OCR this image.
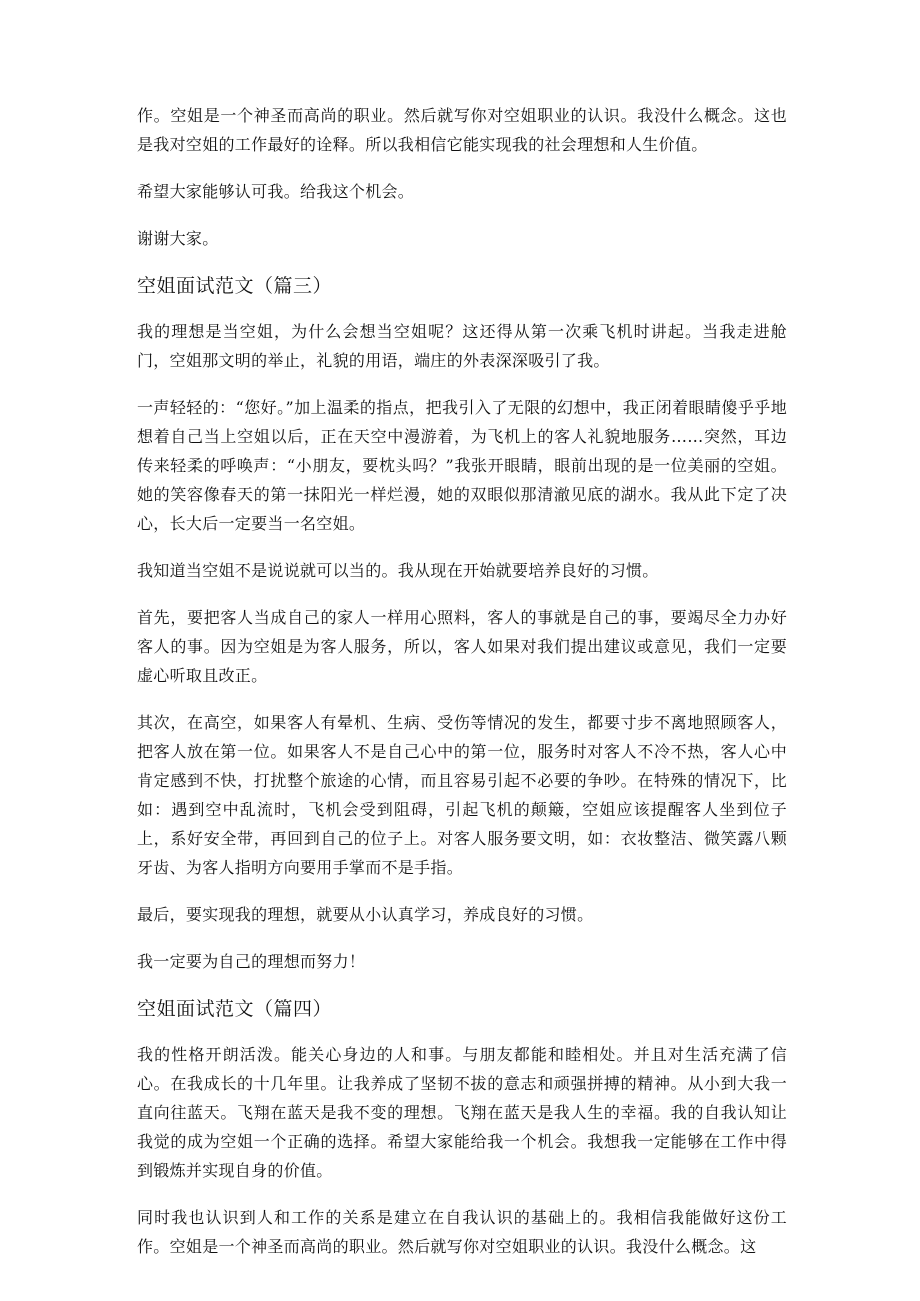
作。空姐是一个神圣而高尚的职业。然后就写你对空姐职业的认识。我没什么概念。这也是我对空姐的工作最好的诠释。所以我相信它能实现我的社会理想和人生价值。

希望大家能够认可我。给我这个机会。

谢谢大家。

空姐面试范文（篇三）

我的理想是当空姐，为什么会想当空姐呢？这还得从第一次乘飞机时讲起。当我走进舱门，空姐那文明的举止，礼貌的用语，端庄的外表深深吸引了我。

一声轻轻的：“您好。”加上温柔的指点，把我引入了无限的幻想中，我正闭着眼睛傻乎乎地想着自己当上空姐以后，正在天空中漫游着，为飞机上的客人礼貌地服务……突然，耳边传来轻柔的呼唤声：“小朋友，要枕头吗？”我张开眼睛，眼前出现的是一位美丽的空姐。她的笑容像春天的第一抹阳光一样烂漫，她的双眼似那清澈见底的湖水。我从此下定了决心，长大后一定要当一名空姐。

我知道当空姐不是说说就可以当的。我从现在开始就要培养良好的习惯。

首先，要把客人当成自己的家人一样用心照料，客人的事就是自己的事，要竭尽全力办好客人的事。因为空姐是为客人服务，所以，客人如果对我们提出建议或意见，我们一定要虚心听取且改正。

其次，在高空，如果客人有晕机、生病、受伤等情况的发生，都要寸步不离地照顾客人，把客人放在第一位。如果客人不是自己心中的第一位，服务时对客人不冷不热，客人心中肯定感到不快，打扰整个旅途的心情，而且容易引起不必要的争吵。在特殊的情况下，比如：遇到空中乱流时，飞机会受到阻碍，引起飞机的颠簸，空姐应该提醒客人坐到位子上，系好安全带，再回到自己的位子上。对客人服务要文明，如：衣妆整洁、微笑露八颗牙齿、为客人指明方向要用手掌而不是手指。

最后，要实现我的理想，就要从小认真学习，养成良好的习惯。

我一定要为自己的理想而努力！

空姐面试范文（篇四）

我的性格开朗活泼。能关心身边的人和事。与朋友都能和睦相处。并且对生活充满了信心。在我成长的十几年里。让我养成了坚韧不拔的意志和顽强拼搏的精神。从小到大我一直向往蓝天。飞翔在蓝天是我不变的理想。飞翔在蓝天是我人生的幸福。我的自我认知让我觉的成为空姐一个正确的选择。希望大家能给我一个机会。我想我一定能够在工作中得到锻炼并实现自身的价值。

同时我也认识到人和工作的关系是建立在自我认识的基础上的。我相信我能做好这份工作。空姐是一个神圣而高尚的职业。然后就写你对空姐职业的认识。我没什么概念。这
